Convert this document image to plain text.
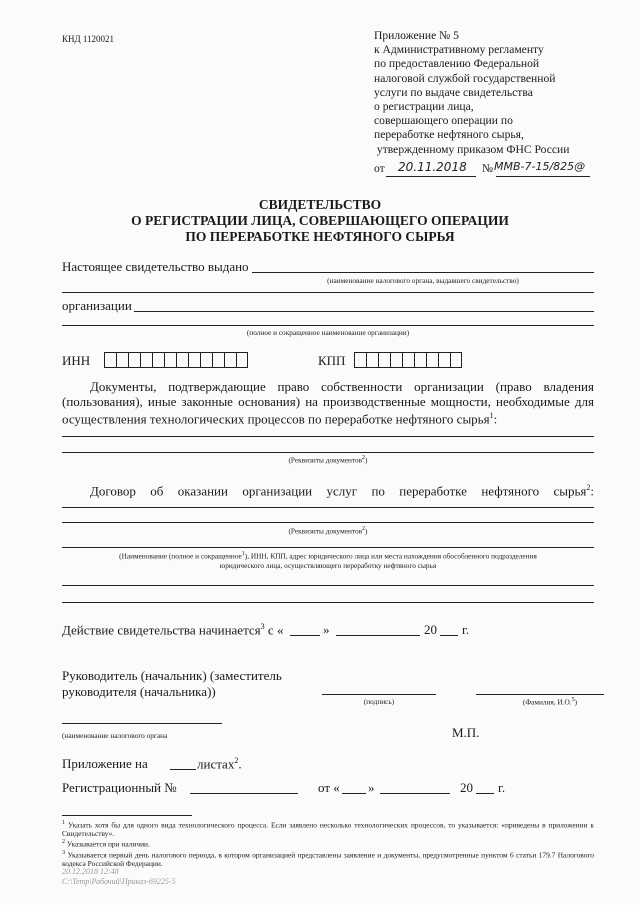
КНД 1120021	Приложение № 5
к Административному регламенту
по предоставлению Федеральной
налоговой службой государственной
услуги по выдаче свидетельства
о регистрации лица,
совершающего операции по
переработке нефтяного сырья,
утвержденному приказом ФНС России
от 20.11.2018 № ММВ-7-15/825@
СВИДЕТЕЛЬСТВО
О РЕГИСТРАЦИИ ЛИЦА, СОВЕРШАЮЩЕГО ОПЕРАЦИИ
ПО ПЕРЕРАБОТКЕ НЕФТЯНОГО СЫРЬЯ
Настоящее свидетельство выдано
(наименование налогового органа, выдавшего свидетельство)
организации
(полное и сокращенное наименование организации)
ИНН	КПП
Документы, подтверждающие право собственности организации (право владения (пользования), иные законные основания) на производственные мощности, необходимые для осуществления технологических процессов по переработке нефтяного сырья$^1$:
(Реквизиты документов$^2$)
Договор об оказании организации услуг по переработке нефтяного сырья$^2$:
(Реквизиты документов$^2$)
(Наименование (полное и сокращенное$^1$), ИНН, КПП, адрес юридического лица или места нахождения обособленного подразделения
юридического лица, осуществляющего переработку нефтяного сырья
Действие свидетельства начинается$^3$ с «	»	20 г.
Руководитель (начальник) (заместитель
руководителя (начальника))
(подпись)	(Фамилия, И.О.$^5$)
(наименование налогового органа	М.П.
Приложение на	листах$^2$.
Регистрационный №	от « »	20 г.
$^1$ Указать хотя бы для одного вида технологического процесса. Если заявлено несколько технологических процессов, то указывается: «приведены в приложении к Свидетельству».
$^2$ Указывается при наличии.
$^3$ Указывается первый день налогового периода, в котором организацией представлены заявление и документы, предусмотренные пунктом 6 статьи 179.7 Налогового кодекса Российской Федерации.
20.12.2018 12:48
С:\Temp\Рабочий\Приказ-69225-5
